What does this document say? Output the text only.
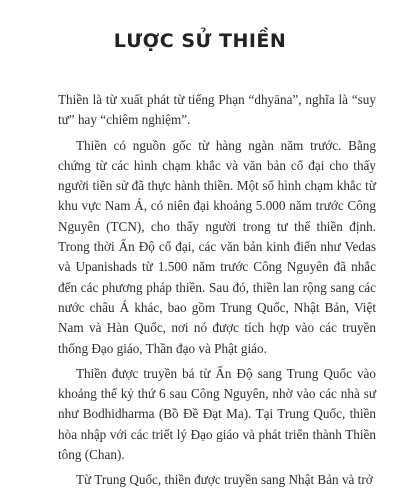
LƯỢC SỬ THIỀN

Thiền là từ xuất phát từ tiếng Phạn “dhyāna”, nghĩa là “suy tư” hay “chiêm nghiệm”.

Thiền có nguồn gốc từ hàng ngàn năm trước. Bằng chứng từ các hình chạm khắc và văn bản cổ đại cho thấy người tiền sử đã thực hành thiền. Một số hình chạm khắc từ khu vực Nam Á, có niên đại khoảng 5.000 năm trước Công Nguyên (TCN), cho thấy người trong tư thế thiền định. Trong thời Ấn Độ cổ đại, các văn bản kinh điển như Vedas và Upanishads từ 1.500 năm trước Công Nguyên đã nhắc đến các phương pháp thiền. Sau đó, thiền lan rộng sang các nước châu Á khác, bao gồm Trung Quốc, Nhật Bản, Việt Nam và Hàn Quốc, nơi nó được tích hợp vào các truyền thống Đạo giáo, Thần đạo và Phật giáo.

Thiền được truyền bá từ Ấn Độ sang Trung Quốc vào khoảng thế kỷ thứ 6 sau Công Nguyên, nhờ vào các nhà sư như Bodhidharma (Bồ Đề Đạt Ma). Tại Trung Quốc, thiền hòa nhập với các triết lý Đạo giáo và phát triển thành Thiền tông (Chan).

Từ Trung Quốc, thiền được truyền sang Nhật Bản và trở
